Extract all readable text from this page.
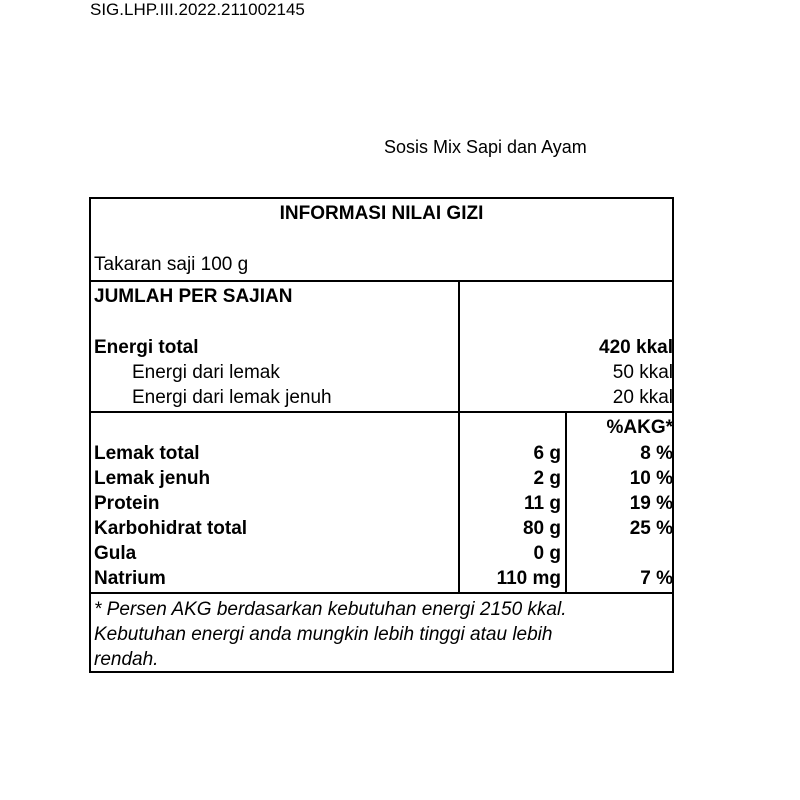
SIG.LHP.III.2022.211002145
Sosis Mix Sapi dan Ayam
INFORMASI NILAI GIZI
Takaran saji 100 g
JUMLAH PER SAJIAN
Energi total	420 kkal
Energi dari lemak	50 kkal
Energi dari lemak jenuh	20 kkal
%AKG*
Lemak total	6 g	8 %
Lemak jenuh	2 g	10 %
Protein	11 g	19 %
Karbohidrat total	80 g	25 %
Gula	0 g
Natrium	110 mg	7 %
* Persen AKG berdasarkan kebutuhan energi 2150 kkal.
Kebutuhan energi anda mungkin lebih tinggi atau lebih
rendah.
